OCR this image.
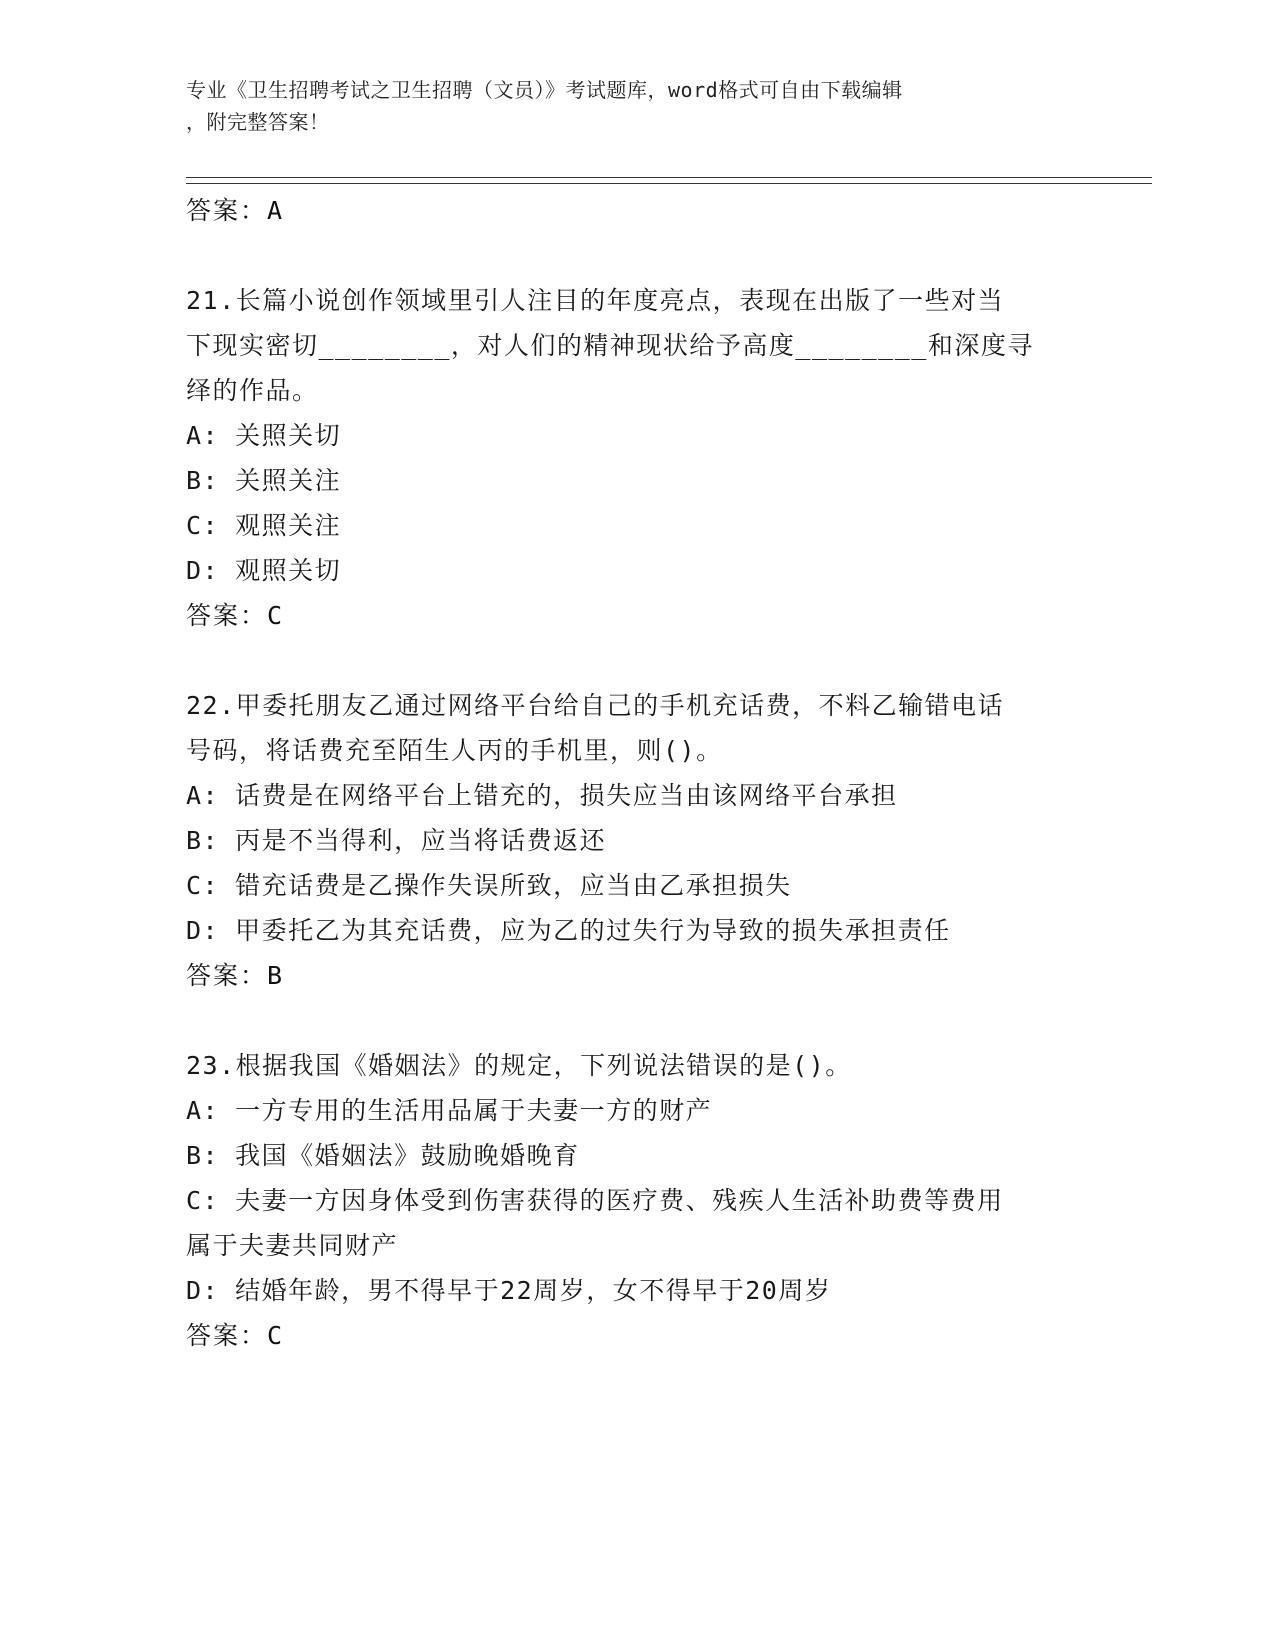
专业《卫生招聘考试之卫生招聘（文员）》考试题库，word格式可自由下载编辑
，附完整答案！
答案：A
21.长篇小说创作领域里引人注目的年度亮点，表现在出版了一些对当
下现实密切________，对人们的精神现状给予高度________和深度寻
绎的作品。
A: 关照关切
B: 关照关注
C: 观照关注
D: 观照关切
答案：C
22.甲委托朋友乙通过网络平台给自己的手机充话费，不料乙输错电话
号码，将话费充至陌生人丙的手机里，则()。
A: 话费是在网络平台上错充的，损失应当由该网络平台承担
B: 丙是不当得利，应当将话费返还
C: 错充话费是乙操作失误所致，应当由乙承担损失
D: 甲委托乙为其充话费，应为乙的过失行为导致的损失承担责任
答案：B
23.根据我国《婚姻法》的规定，下列说法错误的是()。
A: 一方专用的生活用品属于夫妻一方的财产
B: 我国《婚姻法》鼓励晚婚晚育
C: 夫妻一方因身体受到伤害获得的医疗费、残疾人生活补助费等费用
属于夫妻共同财产
D: 结婚年龄，男不得早于22周岁，女不得早于20周岁
答案：C
